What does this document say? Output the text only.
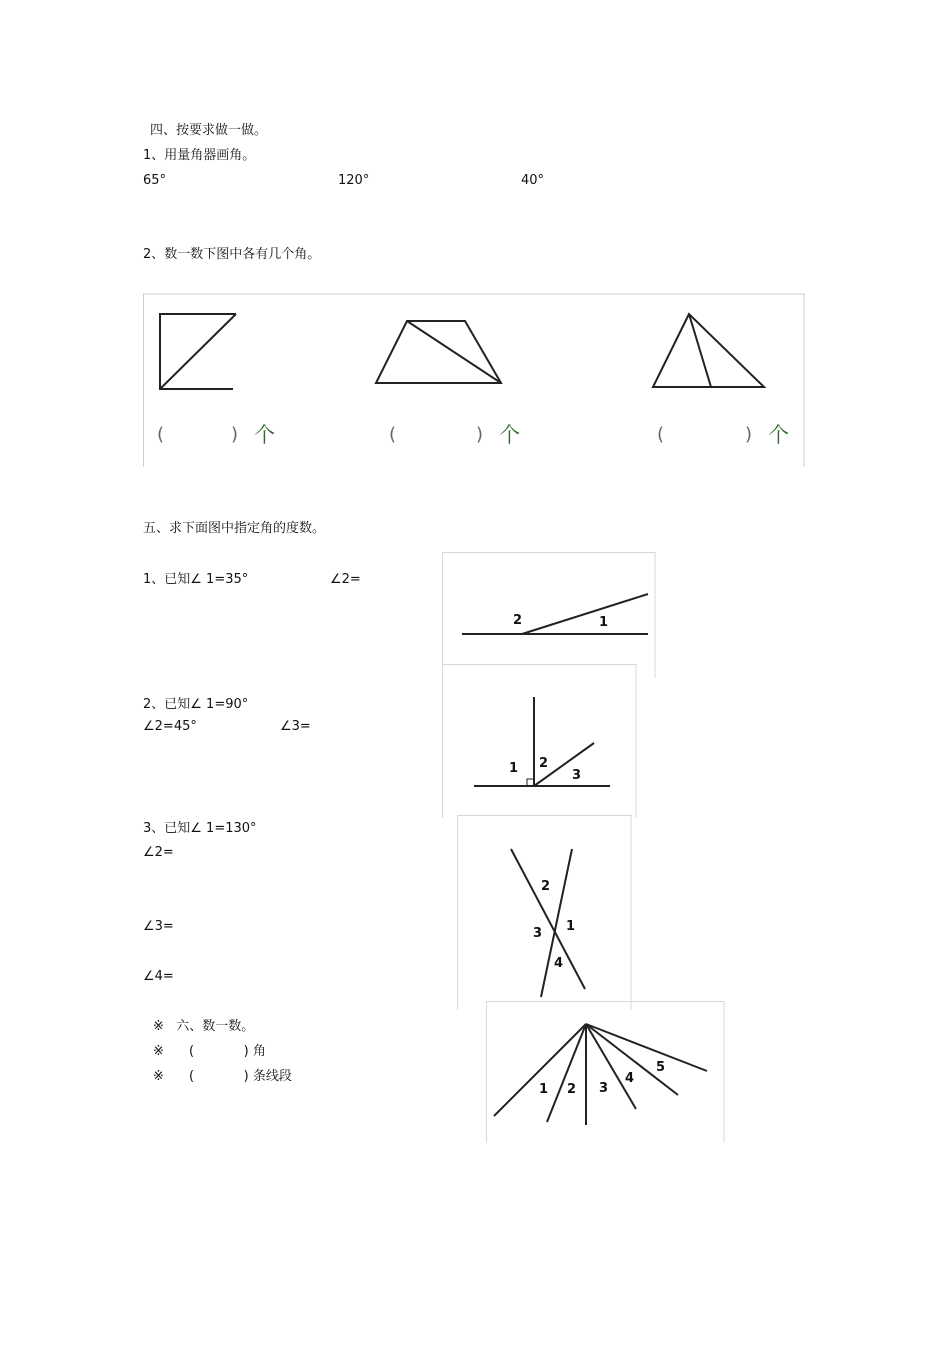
四、按要求做一做。
1、用量角器画角。
65°	120°	40°
2、数一数下图中各有几个角。
(	) 个	(	) 个	(	) 个
五、求下面图中指定角的度数。
1、已知∠ 1=35°	∠2=
2	1
2、已知∠ 1=90°
∠2=45°	∠3=
1 2
3
3、已知∠ 1=130°
∠2=
∠3=
∠4=
2
1
3
4
※   六、数一数。
※ (            ) 角
※ (            ) 条线段
1 2 3
4
5
